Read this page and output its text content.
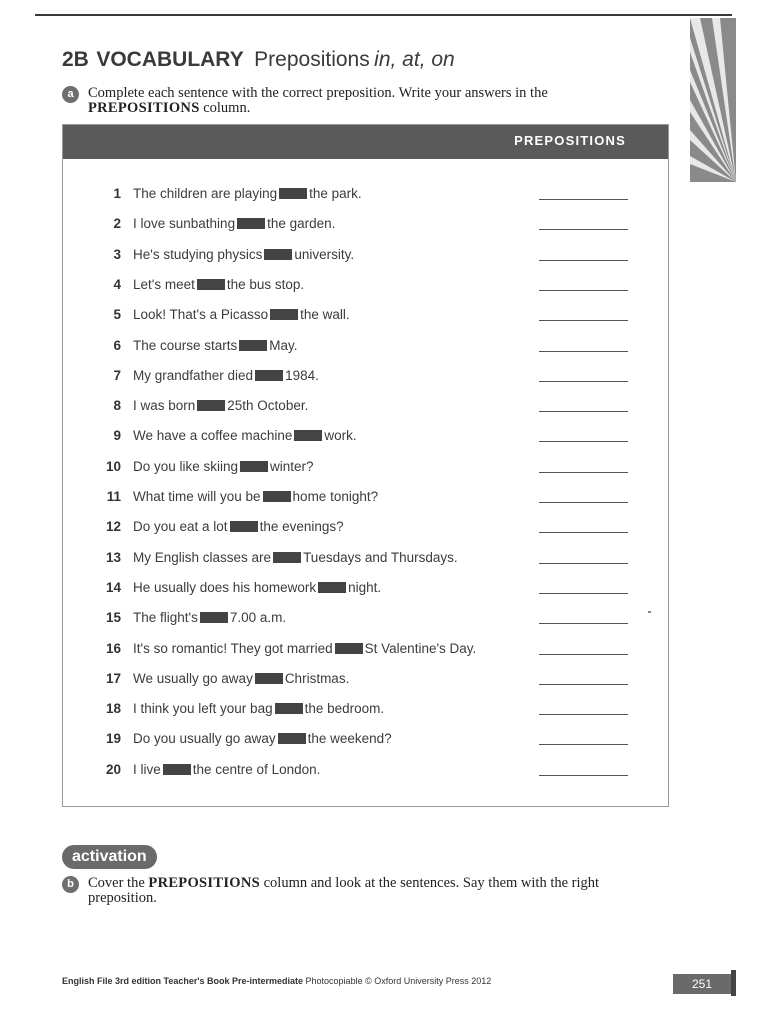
2B VOCABULARY Prepositions in, at, on
a Complete each sentence with the correct preposition. Write your answers in the
PREPOSITIONS column.
PREPOSITIONS
1 The children are playing the park.
2 I love sunbathing the garden.
3 He's studying physics university.
4 Let's meet the bus stop.
5 Look! That's a Picasso the wall.
6 The course starts May.
7 My grandfather died 1984.
8 I was born 25th October.
9 We have a coffee machine work.
10 Do you like skiing winter?
11 What time will you be home tonight?
12 Do you eat a lot the evenings?
13 My English classes are Tuesdays and Thursdays.
14 He usually does his homework night.
15 The flight's 7.00 a.m.
16 It's so romantic! They got married St Valentine's Day.
17 We usually go away Christmas.
18 I think you left your bag the bedroom.
19 Do you usually go away the weekend?
20 I live the centre of London.
activation
b Cover the PREPOSITIONS column and look at the sentences. Say them with the right preposition.
English File 3rd edition Teacher's Book Pre-intermediate Photocopiable © Oxford University Press 2012	251
